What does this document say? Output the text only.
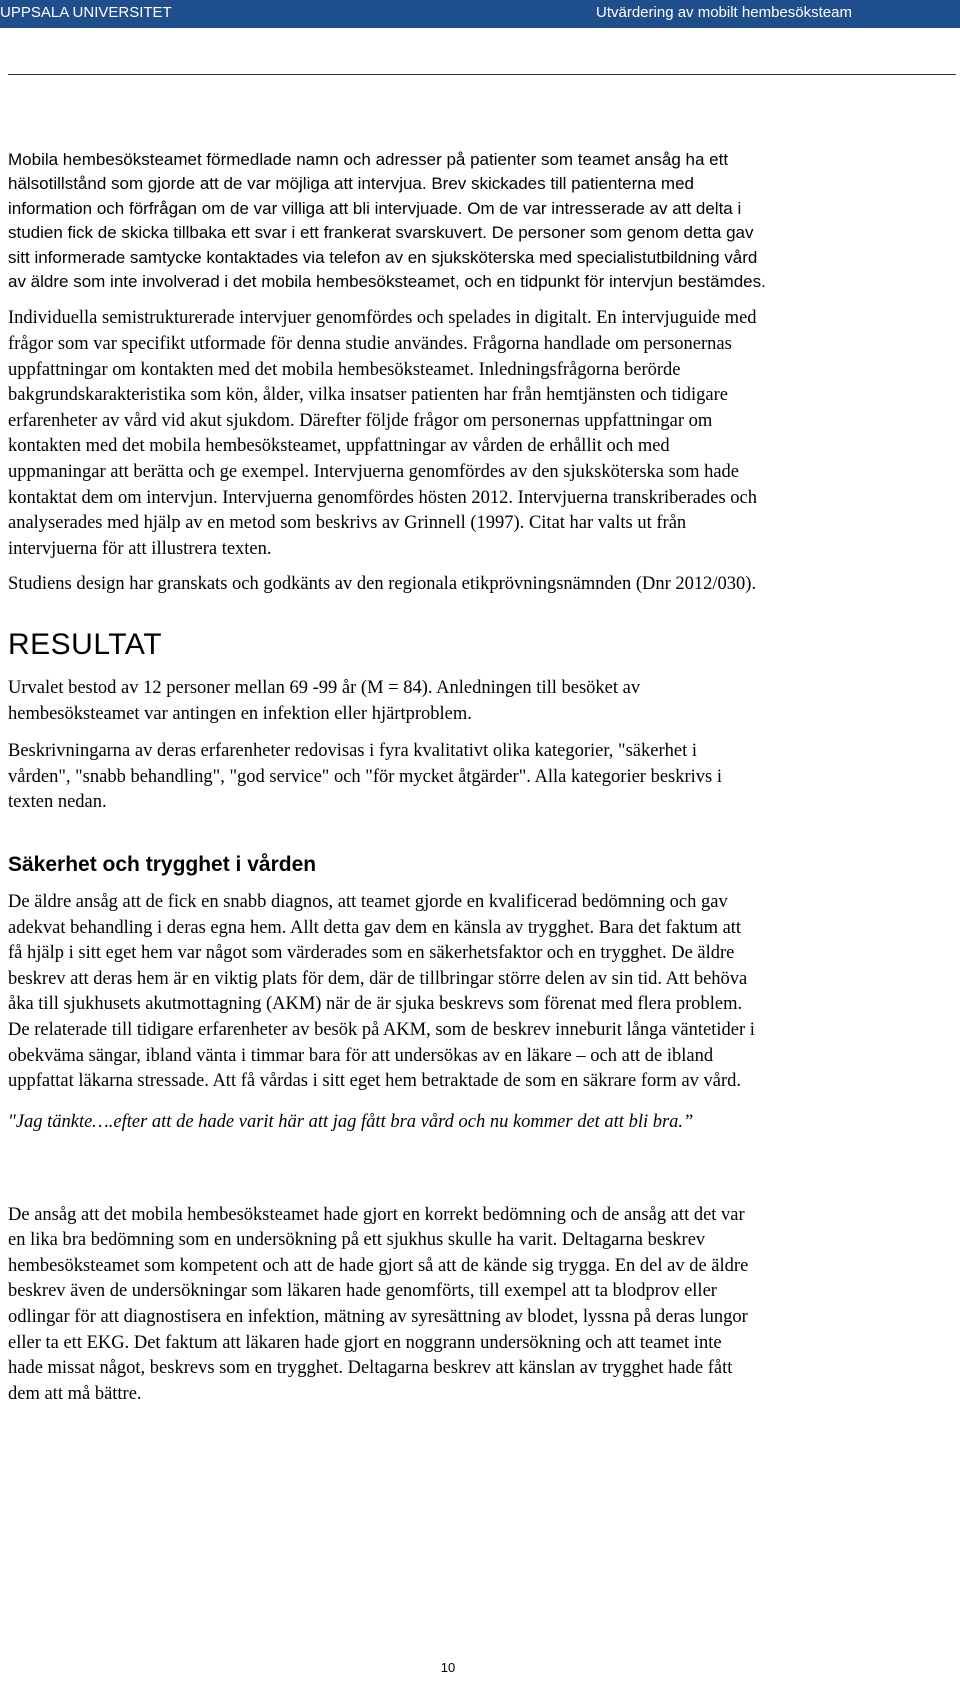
UPPSALA UNIVERSITET	Utvärdering av mobilt hembesöksteam

Mobila hembesöksteamet förmedlade namn och adresser på patienter som teamet ansåg ha ett
hälsotillstånd som gjorde att de var möjliga att intervjua. Brev skickades till patienterna med
information och förfrågan om de var villiga att bli intervjuade. Om de var intresserade av att delta i
studien fick de skicka tillbaka ett svar i ett frankerat svarskuvert. De personer som genom detta gav
sitt informerade samtycke kontaktades via telefon av en sjuksköterska med specialistutbildning vård
av äldre som inte involverad i det mobila hembesöksteamet, och en tidpunkt för intervjun bestämdes.

Individuella semistrukturerade intervjuer genomfördes och spelades in digitalt. En intervjuguide med
frågor som var specifikt utformade för denna studie användes. Frågorna handlade om personernas
uppfattningar om kontakten med det mobila hembesöksteamet. Inledningsfrågorna berörde
bakgrundskarakteristika som kön, ålder, vilka insatser patienten har från hemtjänsten och tidigare
erfarenheter av vård vid akut sjukdom. Därefter följde frågor om personernas uppfattningar om
kontakten med det mobila hembesöksteamet, uppfattningar av vården de erhållit och med
uppmaningar att berätta och ge exempel. Intervjuerna genomfördes av den sjuksköterska som hade
kontaktat dem om intervjun. Intervjuerna genomfördes hösten 2012. Intervjuerna transkriberades och
analyserades med hjälp av en metod som beskrivs av Grinnell (1997). Citat har valts ut från
intervjuerna för att illustrera texten.

Studiens design har granskats och godkänts av den regionala etikprövningsnämnden (Dnr 2012/030).

RESULTAT

Urvalet bestod av 12 personer mellan 69 -99 år (M = 84). Anledningen till besöket av
hembesöksteamet var antingen en infektion eller hjärtproblem.

Beskrivningarna av deras erfarenheter redovisas i fyra kvalitativt olika kategorier, "säkerhet i
vården", "snabb behandling", "god service" och "för mycket åtgärder". Alla kategorier beskrivs i
texten nedan.

Säkerhet och trygghet i vården

De äldre ansåg att de fick en snabb diagnos, att teamet gjorde en kvalificerad bedömning och gav
adekvat behandling i deras egna hem. Allt detta gav dem en känsla av trygghet. Bara det faktum att
få hjälp i sitt eget hem var något som värderades som en säkerhetsfaktor och en trygghet. De äldre
beskrev att deras hem är en viktig plats för dem, där de tillbringar större delen av sin tid. Att behöva
åka till sjukhusets akutmottagning (AKM) när de är sjuka beskrevs som förenat med flera problem.
De relaterade till tidigare erfarenheter av besök på AKM, som de beskrev inneburit långa väntetider i
obekväma sängar, ibland vänta i timmar bara för att undersökas av en läkare – och att de ibland
uppfattat läkarna stressade. Att få vårdas i sitt eget hem betraktade de som en säkrare form av vård.

"Jag tänkte….efter att de hade varit här att jag fått bra vård och nu kommer det att bli bra.”

De ansåg att det mobila hembesöksteamet hade gjort en korrekt bedömning och de ansåg att det var
en lika bra bedömning som en undersökning på ett sjukhus skulle ha varit. Deltagarna beskrev
hembesöksteamet som kompetent och att de hade gjort så att de kände sig trygga. En del av de äldre
beskrev även de undersökningar som läkaren hade genomförts, till exempel att ta blodprov eller
odlingar för att diagnostisera en infektion, mätning av syresättning av blodet, lyssna på deras lungor
eller ta ett EKG. Det faktum att läkaren hade gjort en noggrann undersökning och att teamet inte
hade missat något, beskrevs som en trygghet. Deltagarna beskrev att känslan av trygghet hade fått
dem att må bättre.

10
